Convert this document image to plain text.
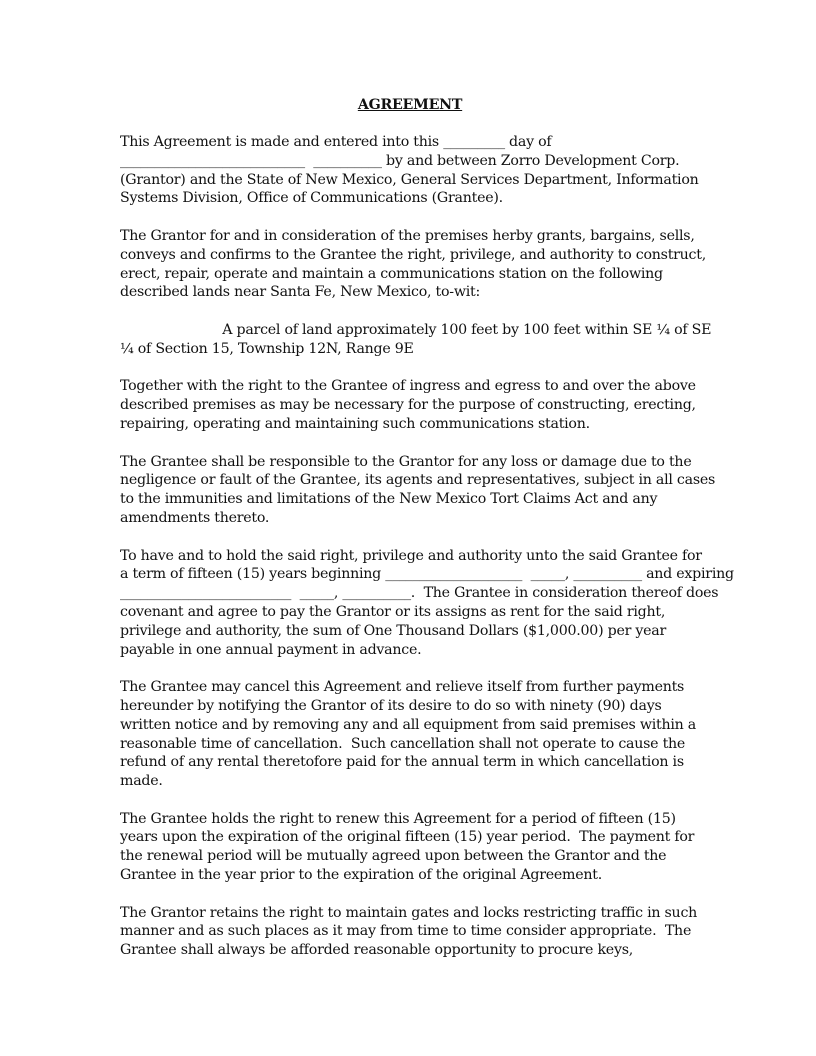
AGREEMENT
This Agreement is made and entered into this _________ day of
___________________________  __________ by and between Zorro Development Corp.
(Grantor) and the State of New Mexico, General Services Department, Information
Systems Division, Office of Communications (Grantee).
The Grantor for and in consideration of the premises herby grants, bargains, sells,
conveys and confirms to the Grantee the right, privilege, and authority to construct,
erect, repair, operate and maintain a communications station on the following
described lands near Santa Fe, New Mexico, to-wit:
A parcel of land approximately 100 feet by 100 feet within SE ¼ of SE
¼ of Section 15, Township 12N, Range 9E
Together with the right to the Grantee of ingress and egress to and over the above
described premises as may be necessary for the purpose of constructing, erecting,
repairing, operating and maintaining such communications station.
The Grantee shall be responsible to the Grantor for any loss or damage due to the
negligence or fault of the Grantee, its agents and representatives, subject in all cases
to the immunities and limitations of the New Mexico Tort Claims Act and any
amendments thereto.
To have and to hold the said right, privilege and authority unto the said Grantee for
a term of fifteen (15) years beginning ____________________  _____, __________ and expiring
_________________________  _____, __________.  The Grantee in consideration thereof does
covenant and agree to pay the Grantor or its assigns as rent for the said right,
privilege and authority, the sum of One Thousand Dollars ($1,000.00) per year
payable in one annual payment in advance.
The Grantee may cancel this Agreement and relieve itself from further payments
hereunder by notifying the Grantor of its desire to do so with ninety (90) days
written notice and by removing any and all equipment from said premises within a
reasonable time of cancellation.  Such cancellation shall not operate to cause the
refund of any rental theretofore paid for the annual term in which cancellation is
made.
The Grantee holds the right to renew this Agreement for a period of fifteen (15)
years upon the expiration of the original fifteen (15) year period.  The payment for
the renewal period will be mutually agreed upon between the Grantor and the
Grantee in the year prior to the expiration of the original Agreement.
The Grantor retains the right to maintain gates and locks restricting traffic in such
manner and as such places as it may from time to time consider appropriate.  The
Grantee shall always be afforded reasonable opportunity to procure keys,
